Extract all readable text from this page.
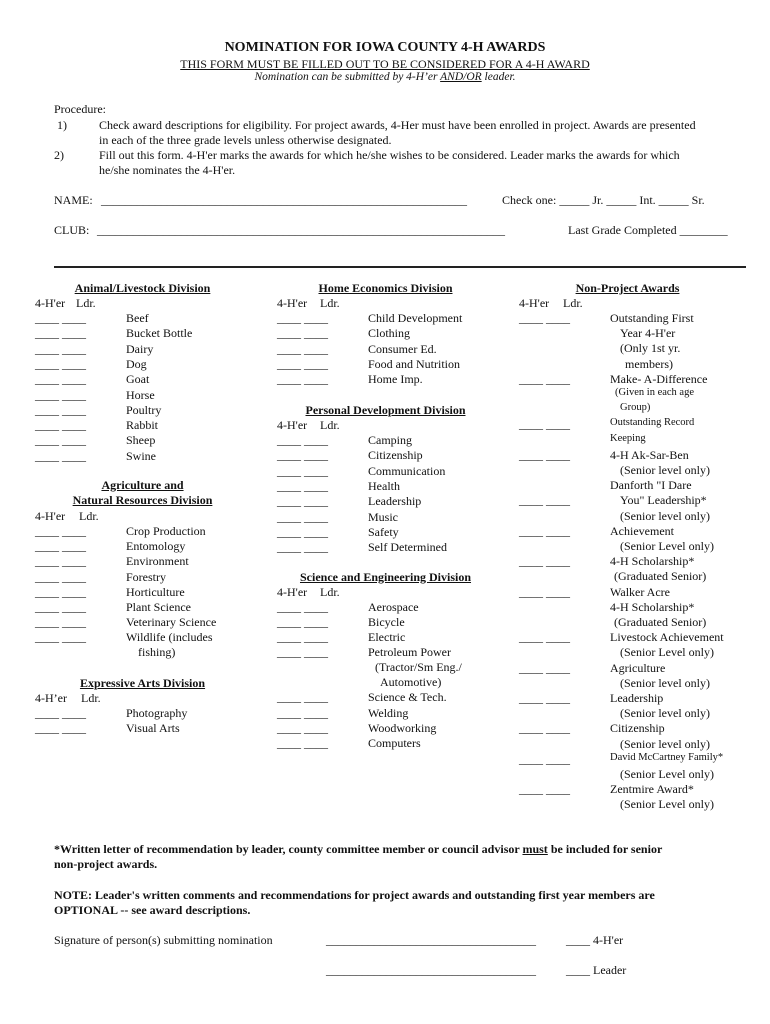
NOMINATION FOR IOWA COUNTY 4-H AWARDS
THIS FORM MUST BE FILLED OUT TO BE CONSIDERED FOR A 4-H AWARD
Nomination can be submitted by 4-H’er AND/OR leader.
Procedure:
1)	Check award descriptions for eligibility. For project awards, 4-Her must have been enrolled in project. Awards are presented
in each of the three grade levels unless otherwise designated.
2)	Fill out this form. 4-H'er marks the awards for which he/she wishes to be considered. Leader marks the awards for which
he/she nominates the 4-H'er.
NAME: _____________________________________________________________	Check one: _____ Jr. _____ Int. _____ Sr.
CLUB: ____________________________________________________________________	Last Grade Completed ________
Animal/Livestock Division
4-H'er Ldr.
____ ____	Beef
____ ____	Bucket Bottle
____ ____	Dairy
____ ____	Dog
____ ____	Goat
____ ____	Horse
____ ____	Poultry
____ ____	Rabbit
____ ____	Sheep
____ ____	Swine
Agriculture and
Natural Resources Division
4-H'er Ldr.
____ ____	Crop Production
____ ____	Entomology
____ ____	Environment
____ ____	Forestry
____ ____	Horticulture
____ ____	Plant Science
____ ____	Veterinary Science
____ ____	Wildlife (includes
fishing)
Expressive Arts Division
4-H’er Ldr.
____ ____	Photography
____ ____	Visual Arts
Home Economics Division
4-H'er Ldr.
____ ____	Child Development
____ ____	Clothing
____ ____	Consumer Ed.
____ ____	Food and Nutrition
____ ____	Home Imp.
Personal Development Division
4-H'er Ldr.
____ ____	Camping
____ ____	Citizenship
____ ____	Communication
____ ____	Health
____ ____	Leadership
____ ____	Music
____ ____	Safety
____ ____	Self Determined
Science and Engineering Division
4-H'er Ldr.
____ ____	Aerospace
____ ____	Bicycle
____ ____	Electric
____ ____	Petroleum Power
(Tractor/Sm Eng./
Automotive)
____ ____	Science & Tech.
____ ____	Welding
____ ____	Woodworking
____ ____	Computers
Non-Project Awards
4-H'er Ldr.
____ ____	Outstanding First
Year 4-H'er
(Only 1st yr.
members)
____ ____	Make- A-Difference
(Given in each age
Group)
____ ____	Outstanding Record
Keeping
____ ____	4-H Ak-Sar-Ben
(Senior level only)
Danforth "I Dare
____ ____	You" Leadership*
(Senior level only)
____ ____	Achievement
(Senior Level only)
____ ____	4-H Scholarship*
(Graduated Senior)
____ ____	Walker Acre
4-H Scholarship*
(Graduated Senior)
____ ____	Livestock Achievement
(Senior Level only)
____ ____	Agriculture
(Senior level only)
____ ____	Leadership
(Senior level only)
____ ____	Citizenship
(Senior level only)
____ ____	David McCartney Family*
(Senior Level only)
____ ____	Zentmire Award*
(Senior Level only)
*Written letter of recommendation by leader, county committee member or council advisor must be included for senior
non-project awards.
NOTE: Leader's written comments and recommendations for project awards and outstanding first year members are
OPTIONAL -- see award descriptions.
Signature of person(s) submitting nomination	___________________________________	____ 4-H'er
___________________________________	____ Leader
